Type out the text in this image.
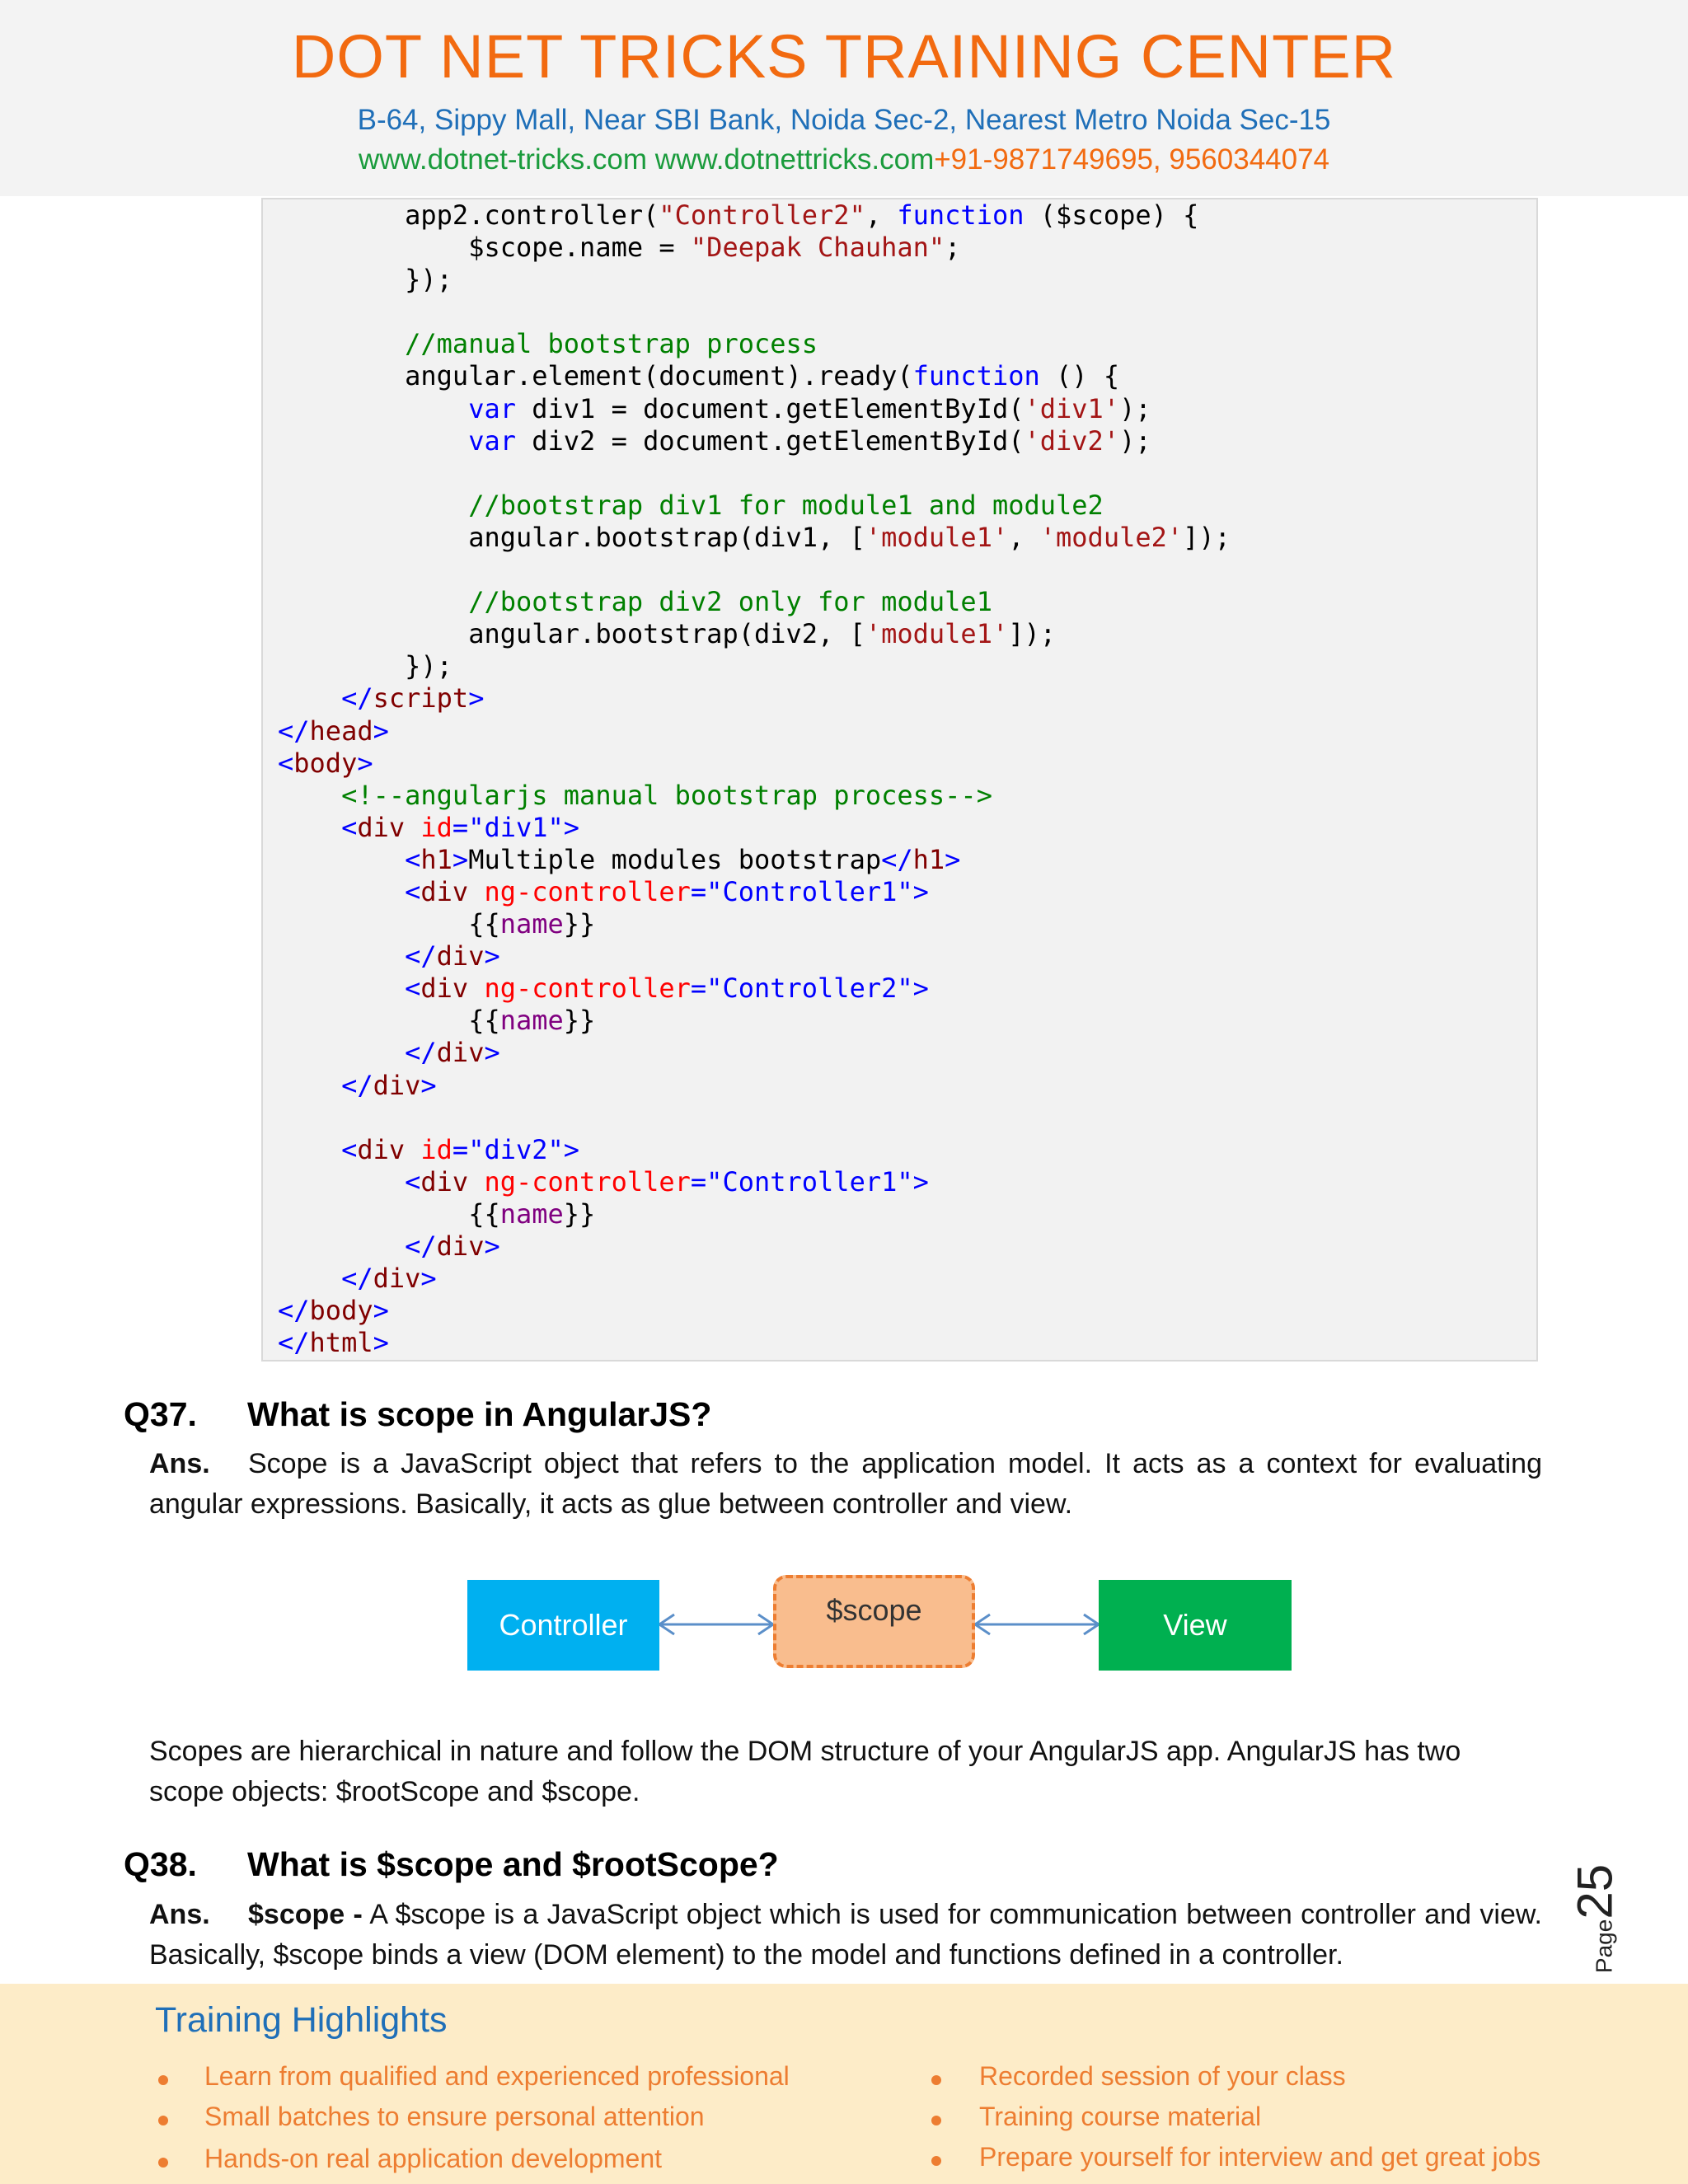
DOT NET TRICKS TRAINING CENTER
B-64, Sippy Mall, Near SBI Bank, Noida Sec-2, Nearest Metro Noida Sec-15
www.dotnet-tricks.com www.dotnettricks.com+91-9871749695, 9560344074
app2.controller("Controller2", function ($scope) {
$scope.name = "Deepak Chauhan";
});
//manual bootstrap process
angular.element(document).ready(function () {
var div1 = document.getElementById('div1');
var div2 = document.getElementById('div2');
//bootstrap div1 for module1 and module2
angular.bootstrap(div1, ['module1', 'module2']);
//bootstrap div2 only for module1
angular.bootstrap(div2, ['module1']);
});
</script>
</head>
<body>
<!--angularjs manual bootstrap process-->
<div id="div1">
<h1>Multiple modules bootstrap</h1>
<div ng-controller="Controller1">
{{name}}
</div>
<div ng-controller="Controller2">
{{name}}
</div>
</div>
<div id="div2">
<div ng-controller="Controller1">
{{name}}
</div>
</div>
</body>
</html>
Q37. What is scope in AngularJS?
Ans. Scope is a JavaScript object that refers to the application model. It acts as a context for evaluating angular expressions. Basically, it acts as glue between controller and view.
Controller	$scope	View
Scopes are hierarchical in nature and follow the DOM structure of your AngularJS app. AngularJS has two scope objects: $rootScope and $scope.
Q38. What is $scope and $rootScope?
Ans. $scope - A $scope is a JavaScript object which is used for communication between controller and view. Basically, $scope binds a view (DOM element) to the model and functions defined in a controller.	Page25
Training Highlights
Learn from qualified and experienced professional
Small batches to ensure personal attention
Hands-on real application development
Recorded session of your class
Training course material
Prepare yourself for interview and get great jobs
